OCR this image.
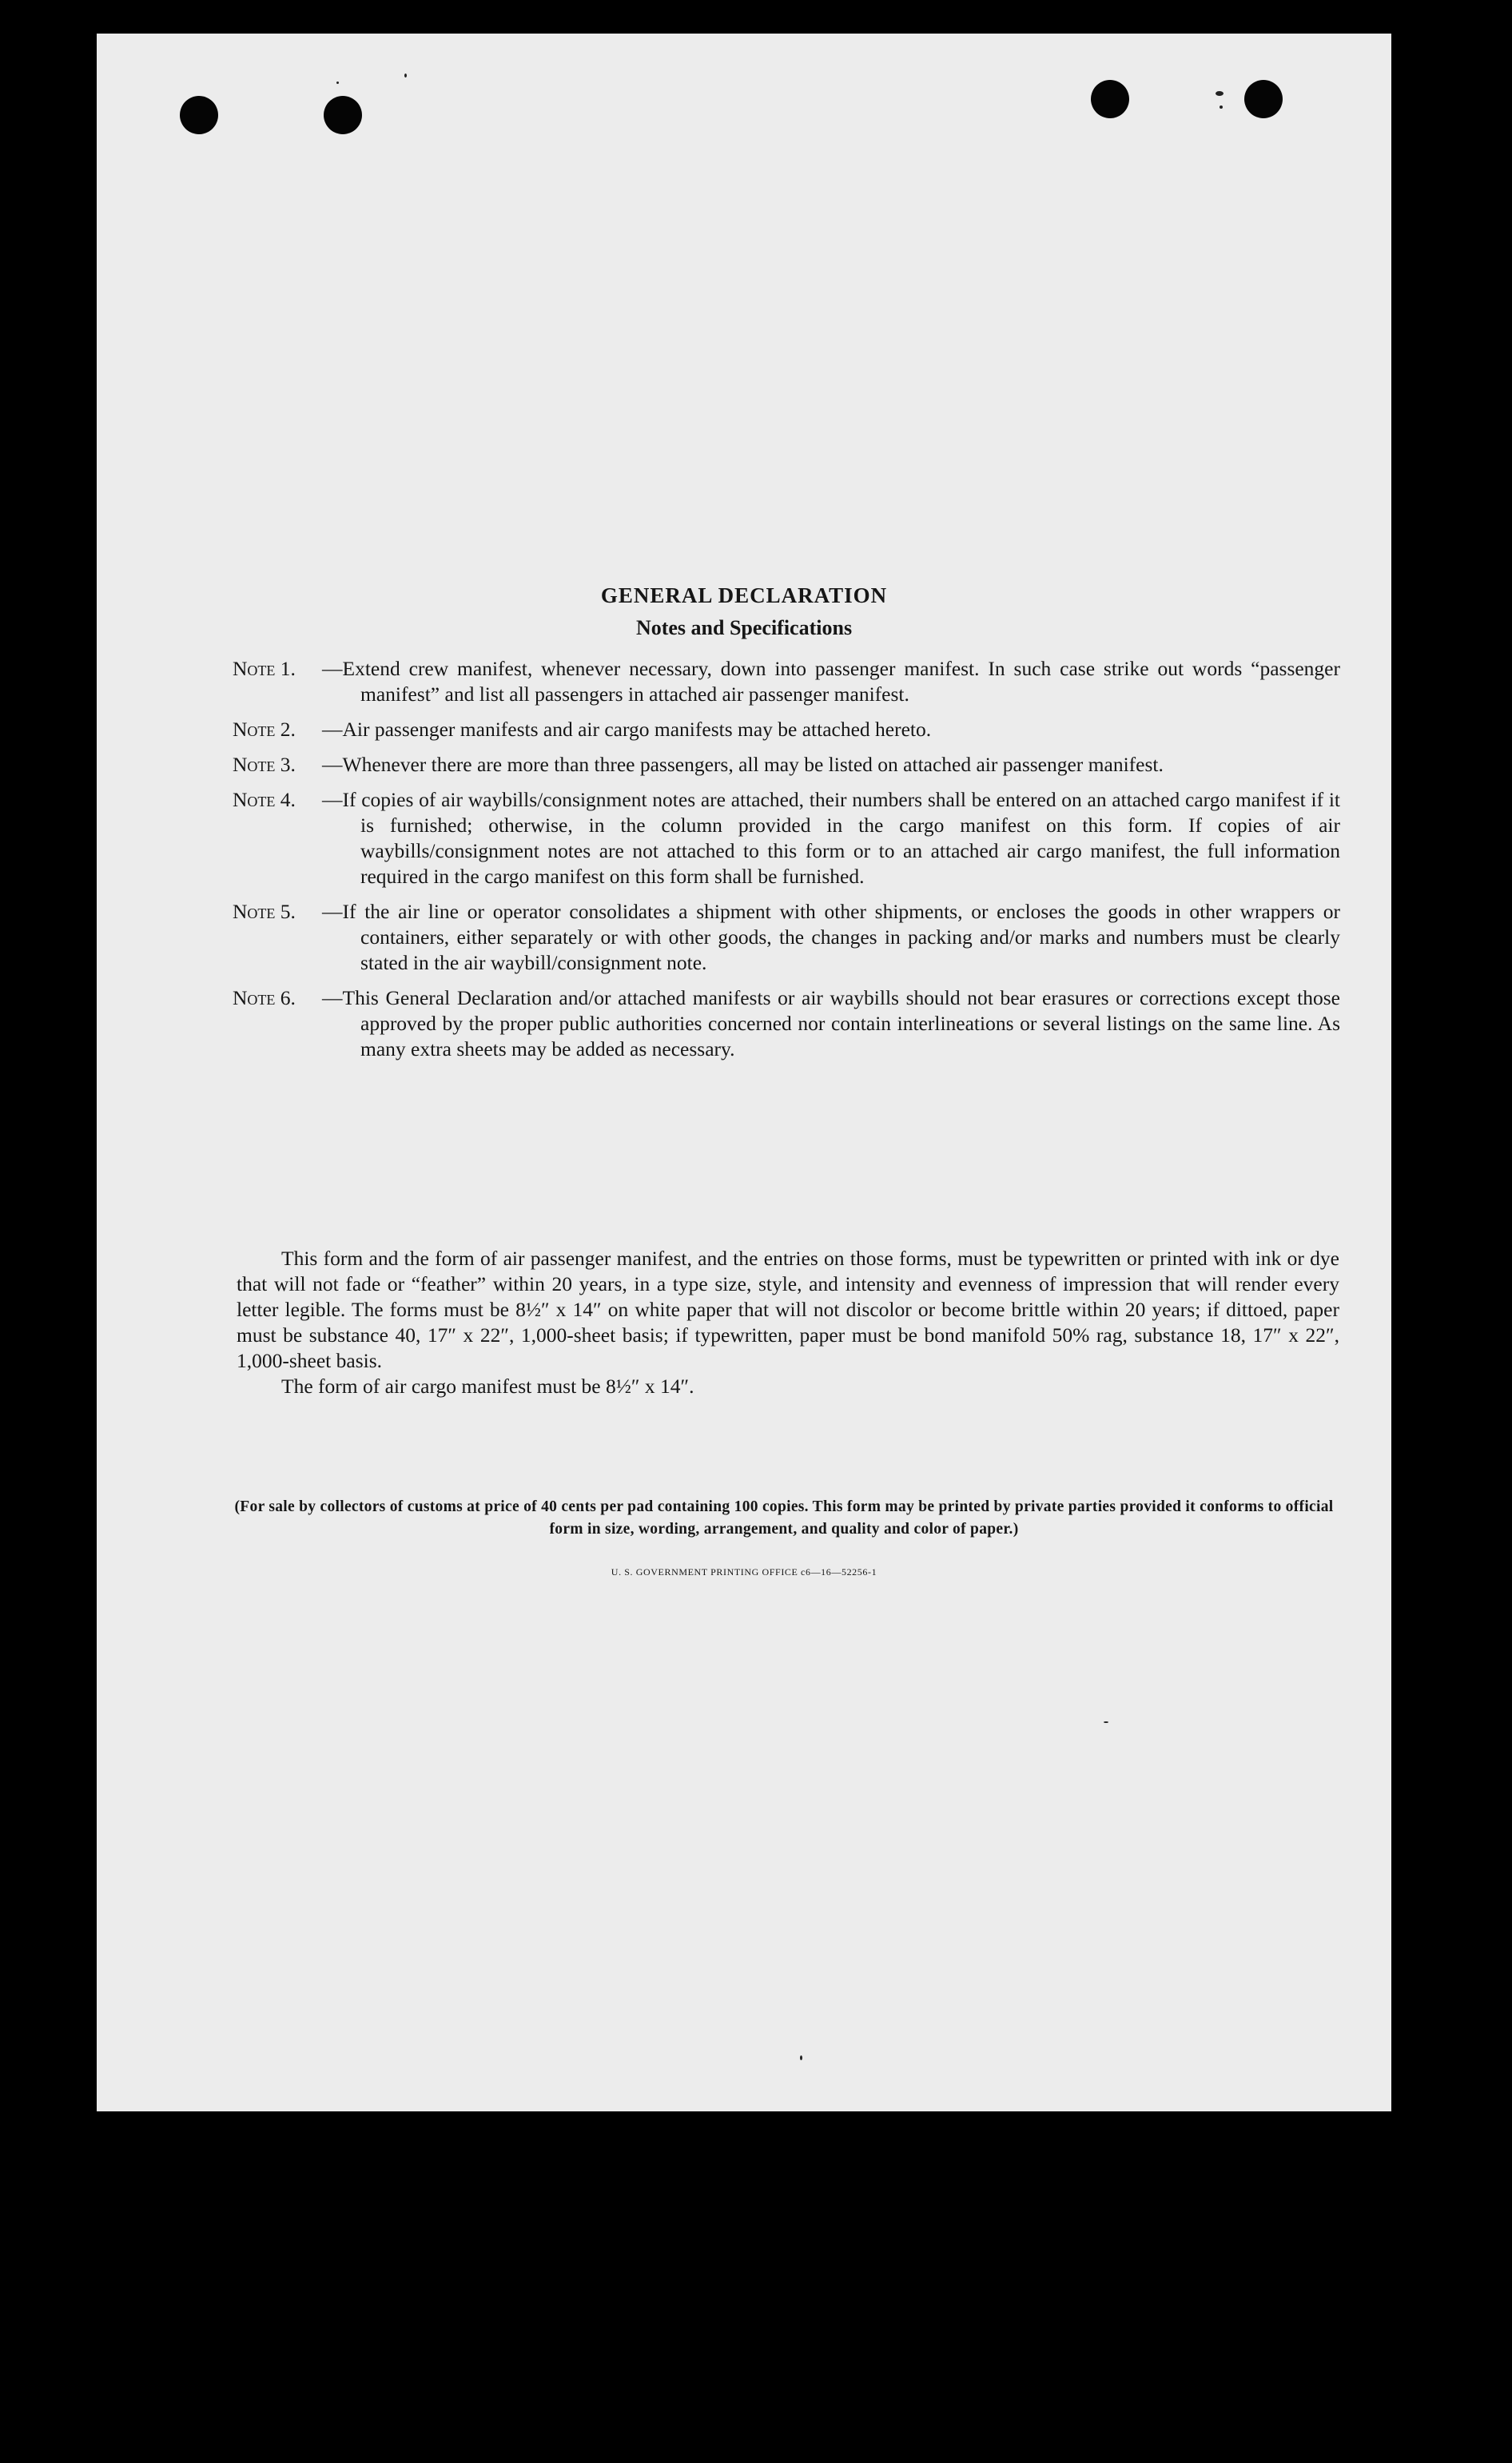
GENERAL DECLARATION
Notes and Specifications
Note 1. —Extend crew manifest, whenever necessary, down into passenger manifest. In such case strike out words “passenger manifest” and list all passengers in attached air passenger manifest.
Note 2. —Air passenger manifests and air cargo manifests may be attached hereto.
Note 3. —Whenever there are more than three passengers, all may be listed on attached air passenger manifest.
Note 4. —If copies of air waybills/consignment notes are attached, their numbers shall be entered on an attached cargo manifest if it is furnished; otherwise, in the column provided in the cargo manifest on this form. If copies of air waybills/consignment notes are not attached to this form or to an attached air cargo manifest, the full information required in the cargo manifest on this form shall be furnished.
Note 5. —If the air line or operator consolidates a shipment with other shipments, or encloses the goods in other wrappers or containers, either separately or with other goods, the changes in packing and/or marks and numbers must be clearly stated in the air waybill/consignment note.
Note 6. —This General Declaration and/or attached manifests or air waybills should not bear erasures or corrections except those approved by the proper public authorities concerned nor contain interlineations or several listings on the same line. As many extra sheets may be added as necessary.

This form and the form of air passenger manifest, and the entries on those forms, must be typewritten or printed with ink or dye that will not fade or “feather” within 20 years, in a type size, style, and intensity and evenness of impression that will render every letter legible. The forms must be 8½″ x 14″ on white paper that will not discolor or become brittle within 20 years; if dittoed, paper must be substance 40, 17″ x 22″, 1,000-sheet basis; if typewritten, paper must be bond manifold 50% rag, substance 18, 17″ x 22″, 1,000-sheet basis.

The form of air cargo manifest must be 8½″ x 14″.

(For sale by collectors of customs at price of 40 cents per pad containing 100 copies. This form may be printed by private parties provided it conforms to official form in size, wording, arrangement, and quality and color of paper.)
U. S. GOVERNMENT PRINTING OFFICE c6—16—52256-1
